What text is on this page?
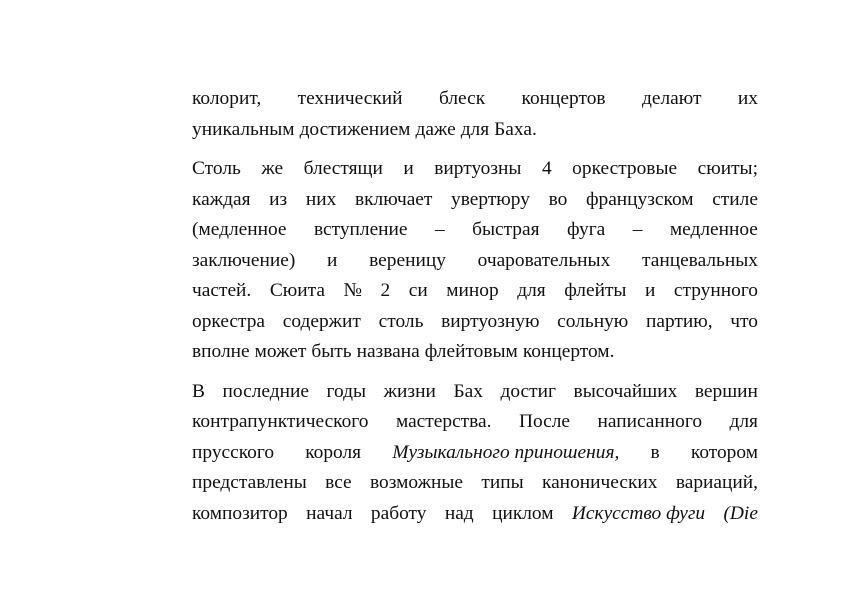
колорит, технический блеск концертов делают их
уникальным достижением даже для Баха.
Столь же блестящи и виртуозны 4 оркестровые сюиты;
каждая из них включает увертюру во французском стиле
(медленное вступление – быстрая фуга – медленное
заключение) и вереницу очаровательных танцевальных
частей. Сюита № 2 си минор для флейты и струнного
оркестра содержит столь виртуозную сольную партию, что
вполне может быть названа флейтовым концертом.
В последние годы жизни Бах достиг высочайших вершин
контрапунктического мастерства. После написанного для
прусского короля Музыкального приношения, в котором
представлены все возможные типы канонических вариаций,
композитор начал работу над циклом Искусство фуги (Die
